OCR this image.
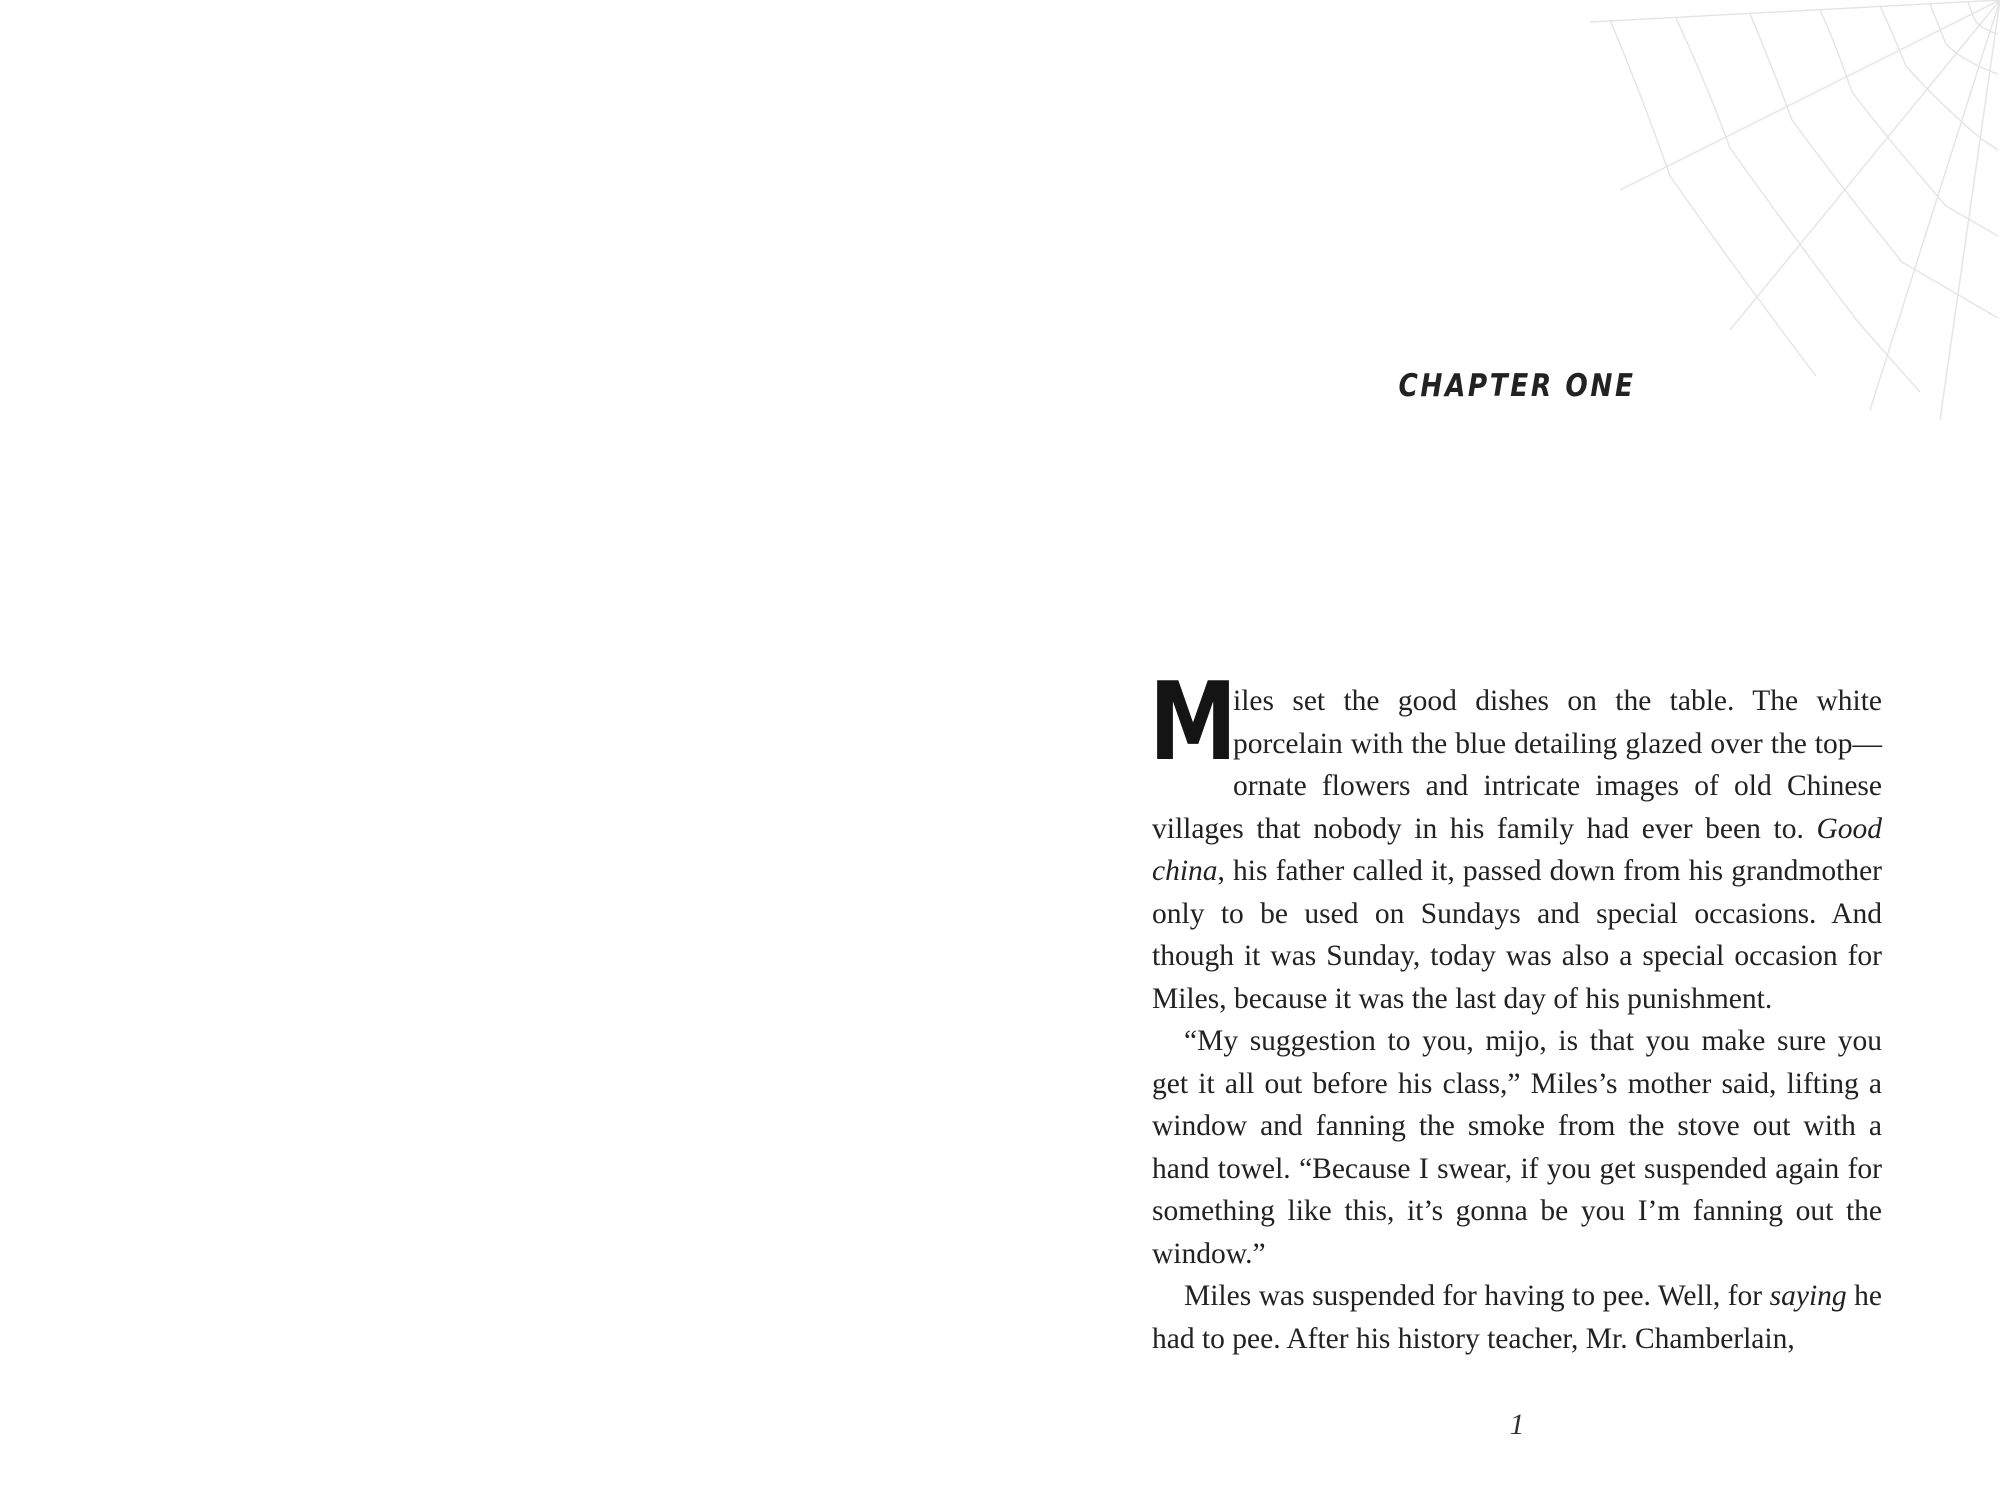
CHAPTER ONE

M
iles set the good dishes on the table. The white porcelain with the blue detailing glazed over the top— ornate flowers and intricate images of old Chinese villages that nobody in his family had ever been to. Good china, his father called it, passed down from his grandmother only to be used on Sundays and special occasions. And though it was Sunday, today was also a special occasion for Miles, because it was the last day of his punishment.

“My suggestion to you, mijo, is that you make sure you get it all out before his class,” Miles’s mother said, lifting a window and fanning the smoke from the stove out with a hand towel. “Because I swear, if you get suspended again for something like this, it’s gonna be you I’m fanning out the window.”

Miles was suspended for having to pee. Well, for saying he had to pee. After his history teacher, Mr. Chamberlain,

1
